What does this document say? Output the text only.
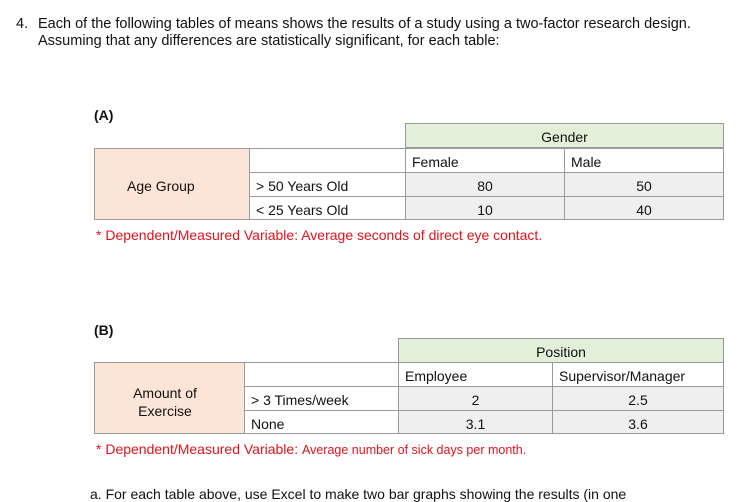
4. Each of the following tables of means shows the results of a study using a two-factor research design. Assuming that any differences are statistically significant, for each table:
(A)
Gender
Age Group
Female	Male
> 50 Years Old	80	50
< 25 Years Old	10	40
* Dependent/Measured Variable: Average seconds of direct eye contact.
(B)
Position
Amount of Exercise
Employee	Supervisor/Manager
> 3 Times/week	2	2.5
None	3.1	3.6
* Dependent/Measured Variable: Average number of sick days per month.
a. For each table above, use Excel to make two bar graphs showing the results (in one
